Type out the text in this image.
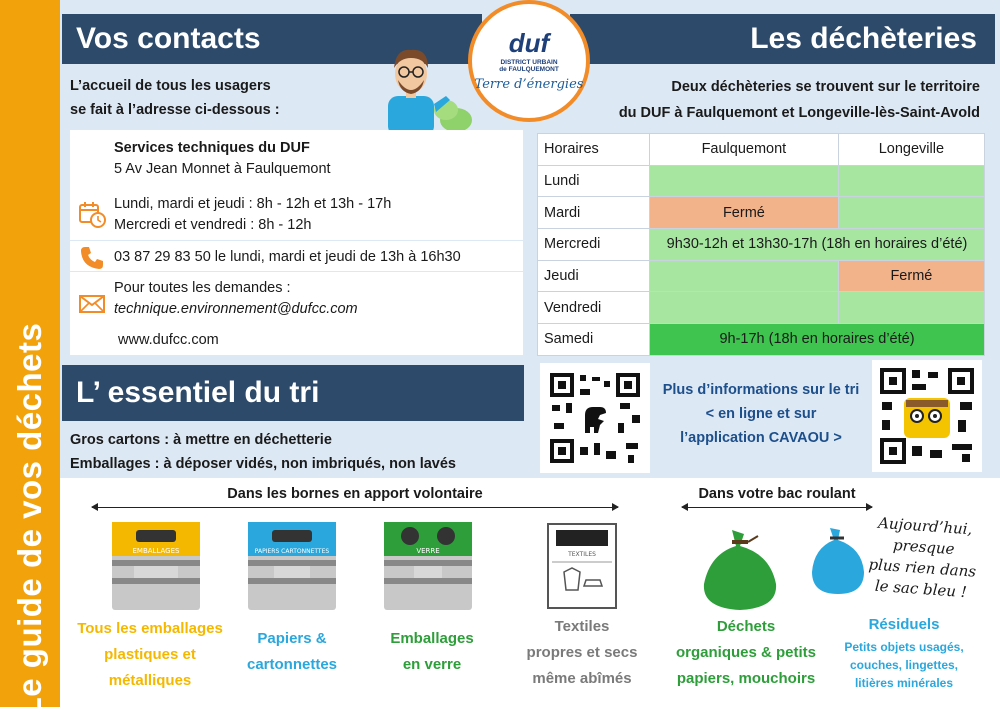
Le guide de vos déchets
Vos contacts	Les déchèteries
duf
DISTRICT URBAIN
de FAULQUEMONT
Terre d’énergies
L’accueil de tous les usagers
se fait à l’adresse ci-dessous :
Services techniques du DUF
5 Av Jean Monnet à Faulquemont
Lundi, mardi et jeudi : 8h - 12h et 13h - 17h
Mercredi et vendredi : 8h - 12h
03 87 29 83 50 le lundi, mardi et jeudi de 13h à 16h30
Pour toutes les demandes :
technique.environnement@dufcc.com
www.dufcc.com
Deux déchèteries se trouvent sur le territoire
du DUF à Faulquemont et Longeville-lès-Saint-Avold
Horaires	Faulquemont	Longeville
Lundi		
Mardi	Fermé	
Mercredi	9h30-12h et 13h30-17h (18h en horaires d’été)	
Jeudi		Fermé
Vendredi		
Samedi	9h-17h (18h en horaires d’été)	
Plus d’informations sur le tri
< en ligne et sur
l’application CAVAOU >
L’ essentiel du tri
Gros cartons : à mettre en déchetterie
Emballages : à déposer vidés, non imbriqués, non lavés
Dans les bornes en apport volontaire	Dans votre bac roulant
EMBALLAGES	PAPIERS CARTONNETTES	VERRE	TEXTILES
Aujourd’hui,
presque
plus rien dans
le sac bleu !
Tous les emballages
plastiques et
métalliques
Papiers &
cartonnettes
Emballages
en verre
Textiles
propres et secs
même abîmés
Déchets
organiques & petits
papiers, mouchoirs
Résiduels
Petits objets usagés,
couches, lingettes,
litières minérales
